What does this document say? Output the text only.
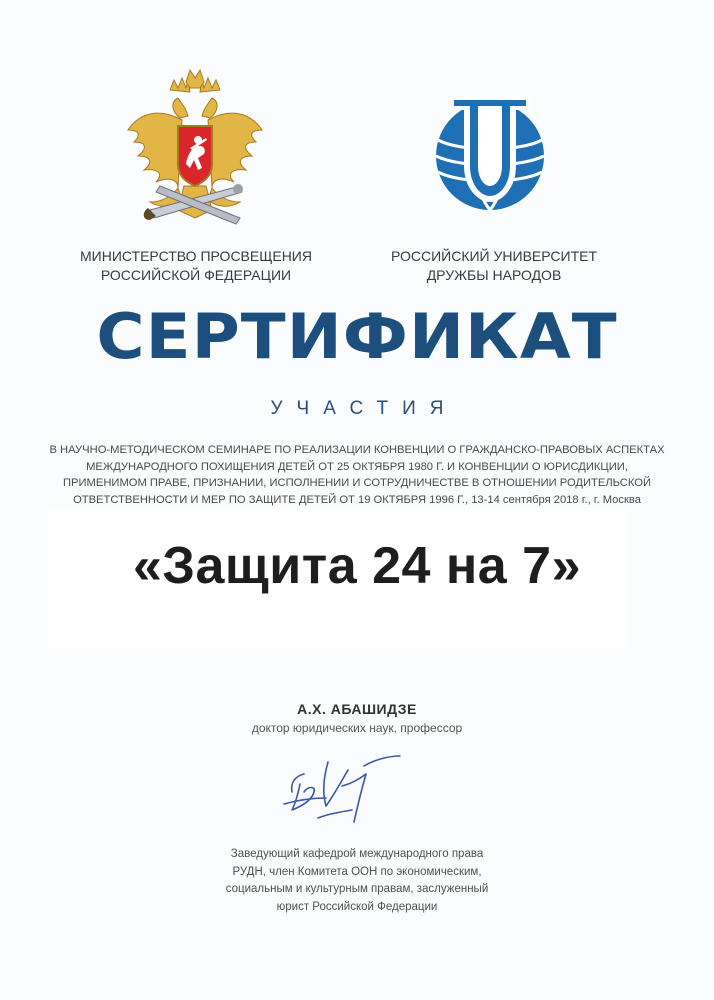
МИНИСТЕРСТВО ПРОСВЕЩЕНИЯ
РОССИЙСКОЙ ФЕДЕРАЦИИ
РОССИЙСКИЙ УНИВЕРСИТЕТ
ДРУЖБЫ НАРОДОВ
СЕРТИФИКАТ
УЧАСТИЯ

В НАУЧНО-МЕТОДИЧЕСКОМ СЕМИНАРЕ ПО РЕАЛИЗАЦИИ КОНВЕНЦИИ О ГРАЖДАНСКО-ПРАВОВЫХ АСПЕКТАХ

МЕЖДУНАРОДНОГО ПОХИЩЕНИЯ ДЕТЕЙ ОТ 25 ОКТЯБРЯ 1980 Г. И КОНВЕНЦИИ О ЮРИСДИКЦИИ,

ПРИМЕНИМОМ ПРАВЕ, ПРИЗНАНИИ, ИСПОЛНЕНИИ И СОТРУДНИЧЕСТВЕ В ОТНОШЕНИИ РОДИТЕЛЬСКОЙ

ОТВЕТСТВЕННОСТИ И МЕР ПО ЗАЩИТЕ ДЕТЕЙ ОТ 19 ОКТЯБРЯ 1996 Г., 13-14 сентября 2018 г., г. Москва

«Защита 24 на 7»
А.Х. АБАШИДЗЕ
доктор юридических наук, профессор

Заведующий кафедрой международного права

РУДН, член Комитета ООН по экономическим,

социальным и культурным правам, заслуженный

юрист Российской Федерации
